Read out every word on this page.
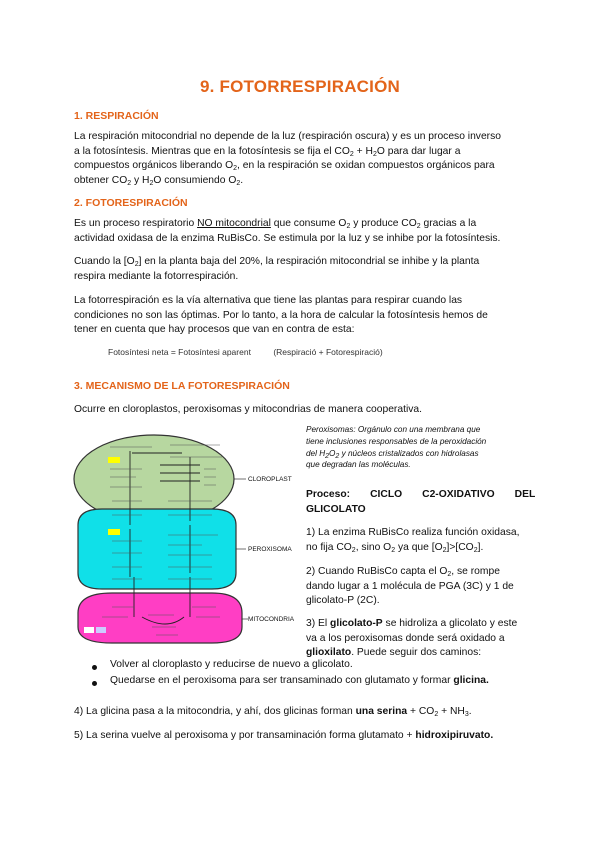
9. FOTORRESPIRACIÓN
1. RESPIRACIÓN
La respiración mitocondrial no depende de la luz (respiración oscura) y es un proceso inverso
a la fotosíntesis. Mientras que en la fotosíntesis se fija el $CO_2 + H_2O$ para dar lugar a
compuestos orgánicos liberando $O_2$, en la respiración se oxidan compuestos orgánicos para
obtener $CO_2$ y $H_2O$ consumiendo $O_2$.
2. FOTORESPIRACIÓN
Es un proceso respiratorio NO mitocondrial que consume $O_2$ y produce $CO_2$ gracias a la
actividad oxidasa de la enzima RuBisCo. Se estimula por la luz y se inhibe por la fotosíntesis.
Cuando la $[O_2]$ en la planta baja del 20%, la respiración mitocondrial se inhibe y la planta
respira mediante la fotorrespiración.
La fotorrespiración es la vía alternativa que tiene las plantas para respirar cuando las
condiciones no son las óptimas. Por lo tanto, a la hora de calcular la fotosíntesis hemos de
tener en cuenta que hay procesos que van en contra de esta:
Fotosíntesi neta = Fotosíntesi aparent	(Respiració + Fotorespiració)
3. MECANISMO DE LA FOTORESPIRACIÓN
Ocurre en cloroplastos, peroxisomas y mitocondrias de manera cooperativa.
CLOROPLAST
PEROXISOMA
MITOCONDRIA
Peroxisomas: Orgánulo con una membrana que
tiene inclusiones responsables de la peroxidación
del $H_2O_2$ y núcleos cristalizados con hidrolasas
que degradan las moléculas.
Proceso:       CICLO       C2-OXIDATIVO       DEL
GLICOLATO
1) La enzima RuBisCo realiza función oxidasa,
no fija $CO_2$, sino $O_2$ ya que $[O_2]>[CO_2]$.
2) Cuando RuBisCo capta el $O_2$, se rompe
dando lugar a 1 molécula de PGA (3C) y 1 de
glicolato-P (2C).
3) El glicolato-P se hidroliza a glicolato y este
va a los peroxisomas donde será oxidado a
glioxilato. Puede seguir dos caminos:
Volver al cloroplasto y reducirse de nuevo a glicolato.
Quedarse en el peroxisoma para ser transaminado con glutamato y formar glicina.
4) La glicina pasa a la mitocondria, y ahí, dos glicinas forman una serina + $CO_2 + NH_3$.
5) La serina vuelve al peroxisoma y por transaminación forma glutamato + hidroxipiruvato.
